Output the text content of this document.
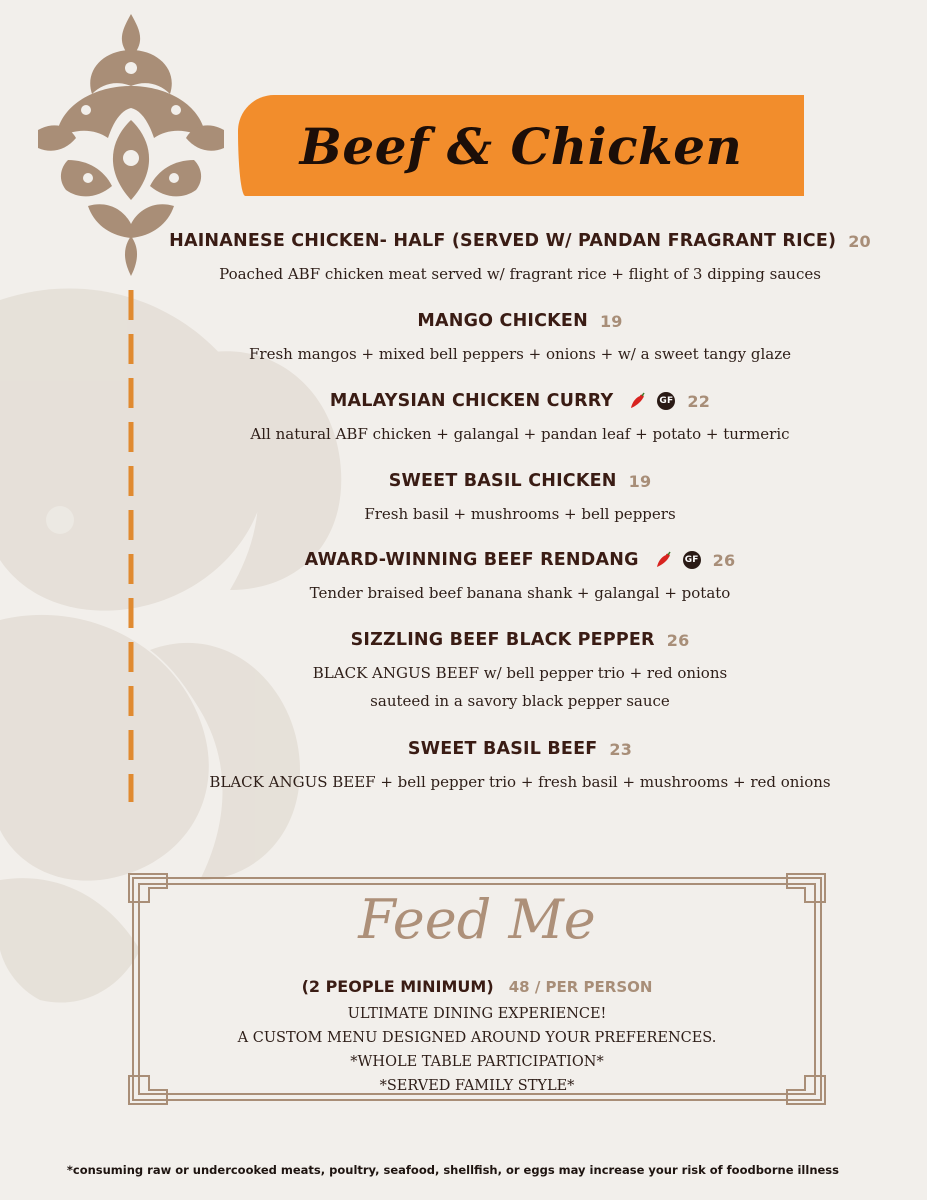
Beef & Chicken
HAINANESE CHICKEN- HALF (SERVED W/ PANDAN FRAGRANT RICE) 20
Poached ABF chicken meat served w/ fragrant rice + flight of 3 dipping sauces
MANGO CHICKEN 19
Fresh mangos + mixed bell peppers + onions + w/ a sweet tangy glaze
MALAYSIAN CHICKEN CURRY	GF 22
All natural ABF chicken + galangal + pandan leaf + potato + turmeric
SWEET BASIL CHICKEN 19
Fresh basil + mushrooms + bell peppers
AWARD-WINNING BEEF RENDANG	GF 26
Tender braised beef banana shank + galangal + potato
SIZZLING BEEF BLACK PEPPER 26
BLACK ANGUS BEEF w/ bell pepper trio + red onions
sauteed in a savory black pepper sauce
SWEET BASIL BEEF 23
BLACK ANGUS BEEF + bell pepper trio + fresh basil + mushrooms + red onions
Feed Me
(2 PEOPLE MINIMUM) 48 / PER PERSON
ULTIMATE DINING EXPERIENCE!
A CUSTOM MENU DESIGNED AROUND YOUR PREFERENCES.
*WHOLE TABLE PARTICIPATION*
*SERVED FAMILY STYLE*
*consuming raw or undercooked meats, poultry, seafood, shellfish, or eggs may increase your risk of foodborne illness
